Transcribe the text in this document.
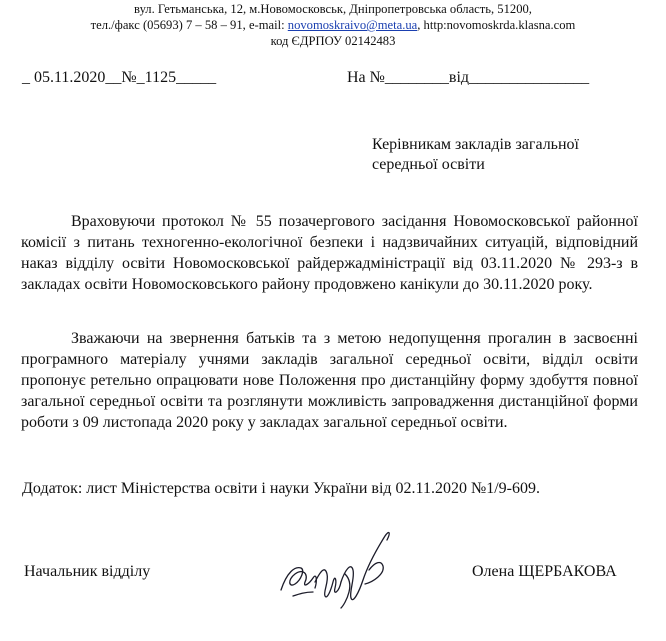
вул. Гетьманська, 12, м.Новомосковськ, Дніпропетровська область, 51200,
тел./факс (05693) 7 – 58 – 91, e-mail: novomoskraivo@meta.ua, http:novomoskrda.klasna.com
код ЄДРПОУ 02142483
_ 05.11.2020__№_1125_____	На №________від_______________
Керівникам закладів загальної
середньої освіти
Враховуючи протокол № 55 позачергового засідання Новомосковської районної комісії з питань техногенно-екологічної безпеки і надзвичайних ситуацій, відповідний наказ відділу освіти Новомосковської райдержадміністрації від 03.11.2020 № 293-з в закладах освіти Новомосковського району продовжено канікули до 30.11.2020 року.
Зважаючи на звернення батьків та з метою недопущення прогалин в засвоєнні програмного матеріалу учнями закладів загальної середньої освіти, відділ освіти пропонує ретельно опрацювати нове Положення про дистанційну форму здобуття повної загальної середньої освіти та розглянути можливість запровадження дистанційної форми роботи з 09 листопада 2020 року у закладах загальної середньої освіти.
Додаток: лист Міністерства освіти і науки України від 02.11.2020 №1/9-609.
Начальник відділу	Олена ЩЕРБАКОВА
